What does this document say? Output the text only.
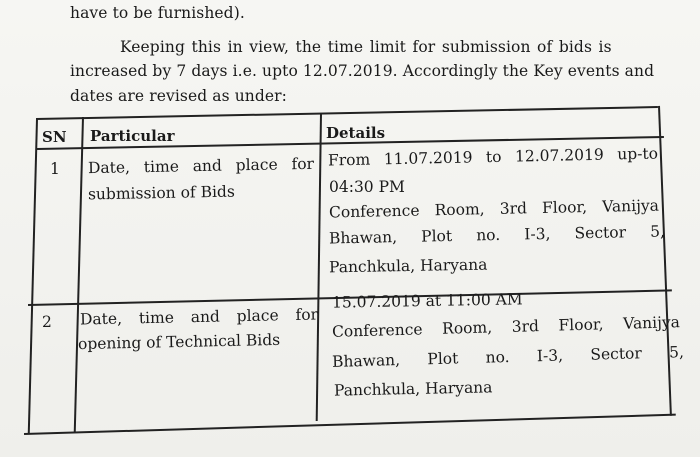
have to be furnished).
Keeping this in view, the time limit for submission of bids is
increased by 7 days i.e. upto 12.07.2019. Accordingly the Key events and
dates are revised as under:
SN Particular	Details
1 Date, time and place for
submission of Bids
From 11.07.2019 to 12.07.2019 up-to
04:30 PM
Conference Room, 3rd Floor, Vanijya
Bhawan, Plot no. I-3, Sector 5,
Panchkula, Haryana
2 Date, time and place for
opening of Technical Bids
15.07.2019 at 11:00 AM
Conference Room, 3rd Floor, Vanijya
Bhawan, Plot no. I-3, Sector 5,
Panchkula, Haryana
